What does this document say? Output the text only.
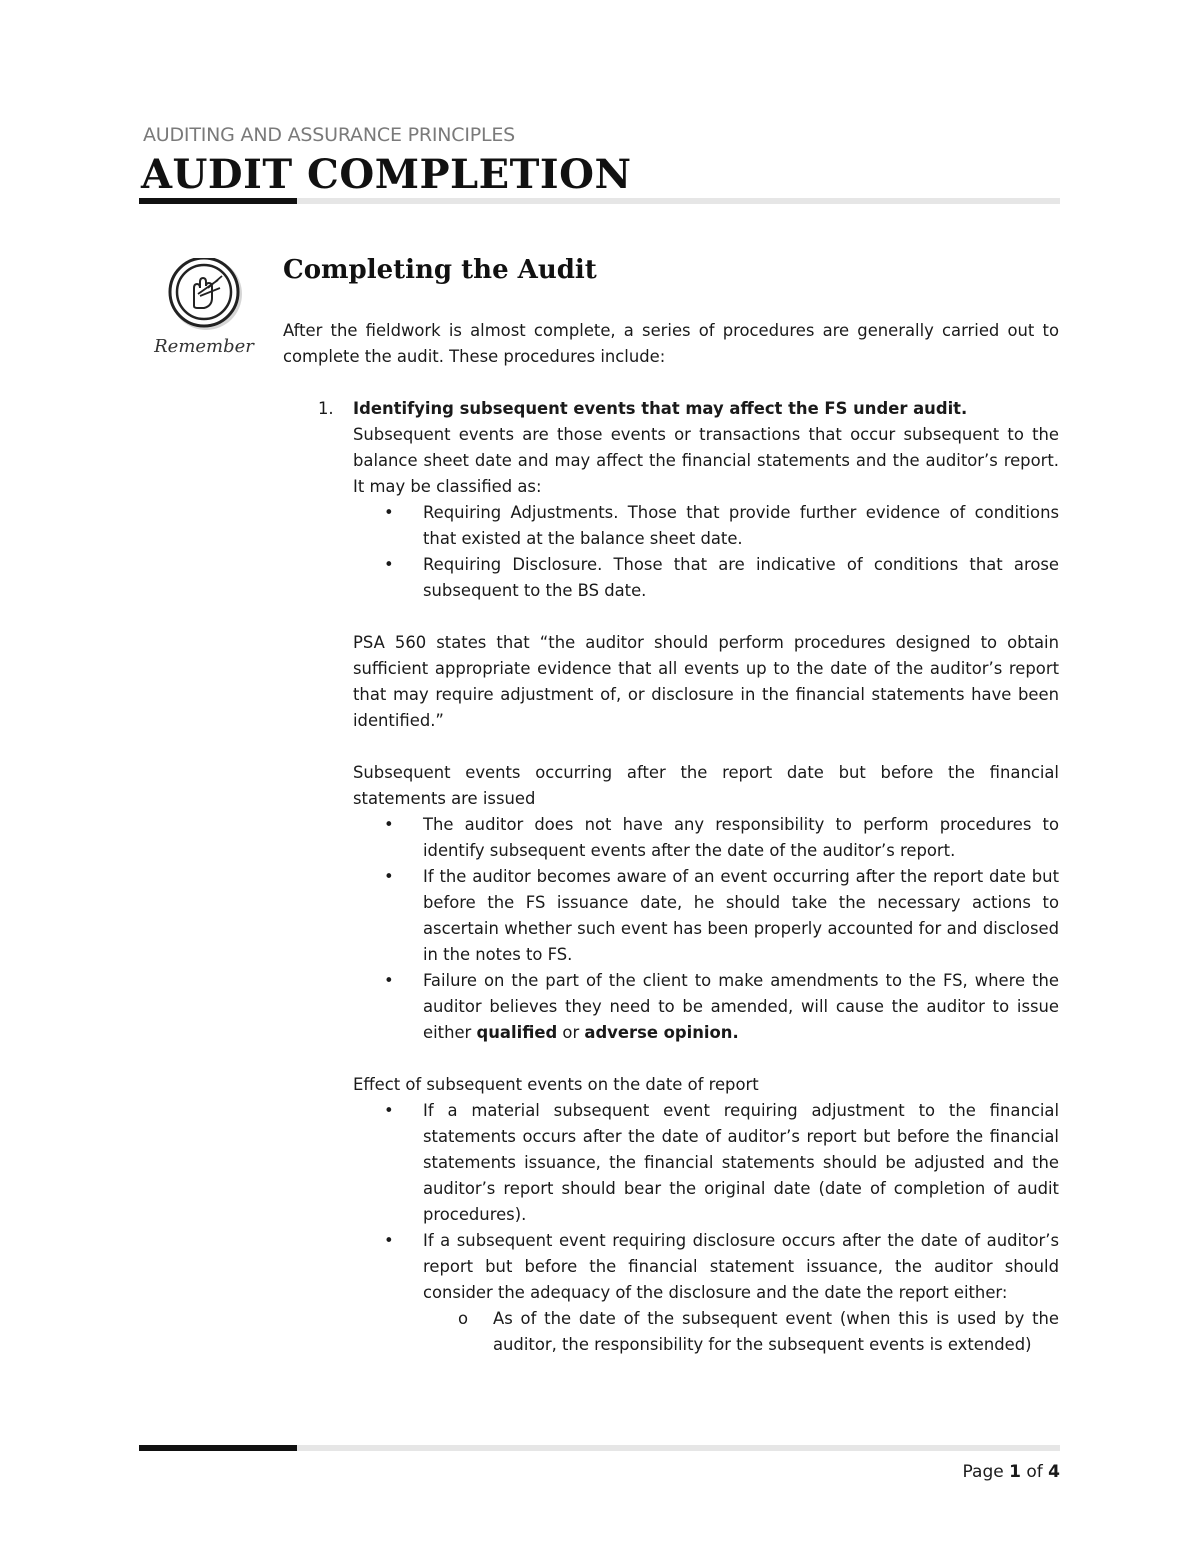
AUDITING AND ASSURANCE PRINCIPLES
AUDIT COMPLETION
Remember
Completing the Audit

After the fieldwork is almost complete, a series of procedures are generally carried out to complete the audit. These procedures include:

1. Identifying subsequent events that may affect the FS under audit.

Subsequent events are those events or transactions that occur subsequent to the balance sheet date and may affect the financial statements and the auditor’s report. It may be classified as:

• Requiring Adjustments. Those that provide further evidence of conditions that existed at the balance sheet date.
• Requiring Disclosure. Those that are indicative of conditions that arose subsequent to the BS date.

PSA 560 states that “the auditor should perform procedures designed to obtain sufficient appropriate evidence that all events up to the date of the auditor’s report that may require adjustment of, or disclosure in the financial statements have been identified.”

Subsequent events occurring after the report date but before the financial statements are issued

• The auditor does not have any responsibility to perform procedures to identify subsequent events after the date of the auditor’s report.
• If the auditor becomes aware of an event occurring after the report date but before the FS issuance date, he should take the necessary actions to ascertain whether such event has been properly accounted for and disclosed in the notes to FS.
• Failure on the part of the client to make amendments to the FS, where the auditor believes they need to be amended, will cause the auditor to issue either qualified or adverse opinion.

Effect of subsequent events on the date of report

• If a material subsequent event requiring adjustment to the financial statements occurs after the date of auditor’s report but before the financial statements issuance, the financial statements should be adjusted and the auditor’s report should bear the original date (date of completion of audit procedures).
• If a subsequent event requiring disclosure occurs after the date of auditor’s report but before the financial statement issuance, the auditor should consider the adequacy of the disclosure and the date the report either:
o As of the date of the subsequent event (when this is used by the auditor, the responsibility for the subsequent events is extended)
Page 1 of 4
